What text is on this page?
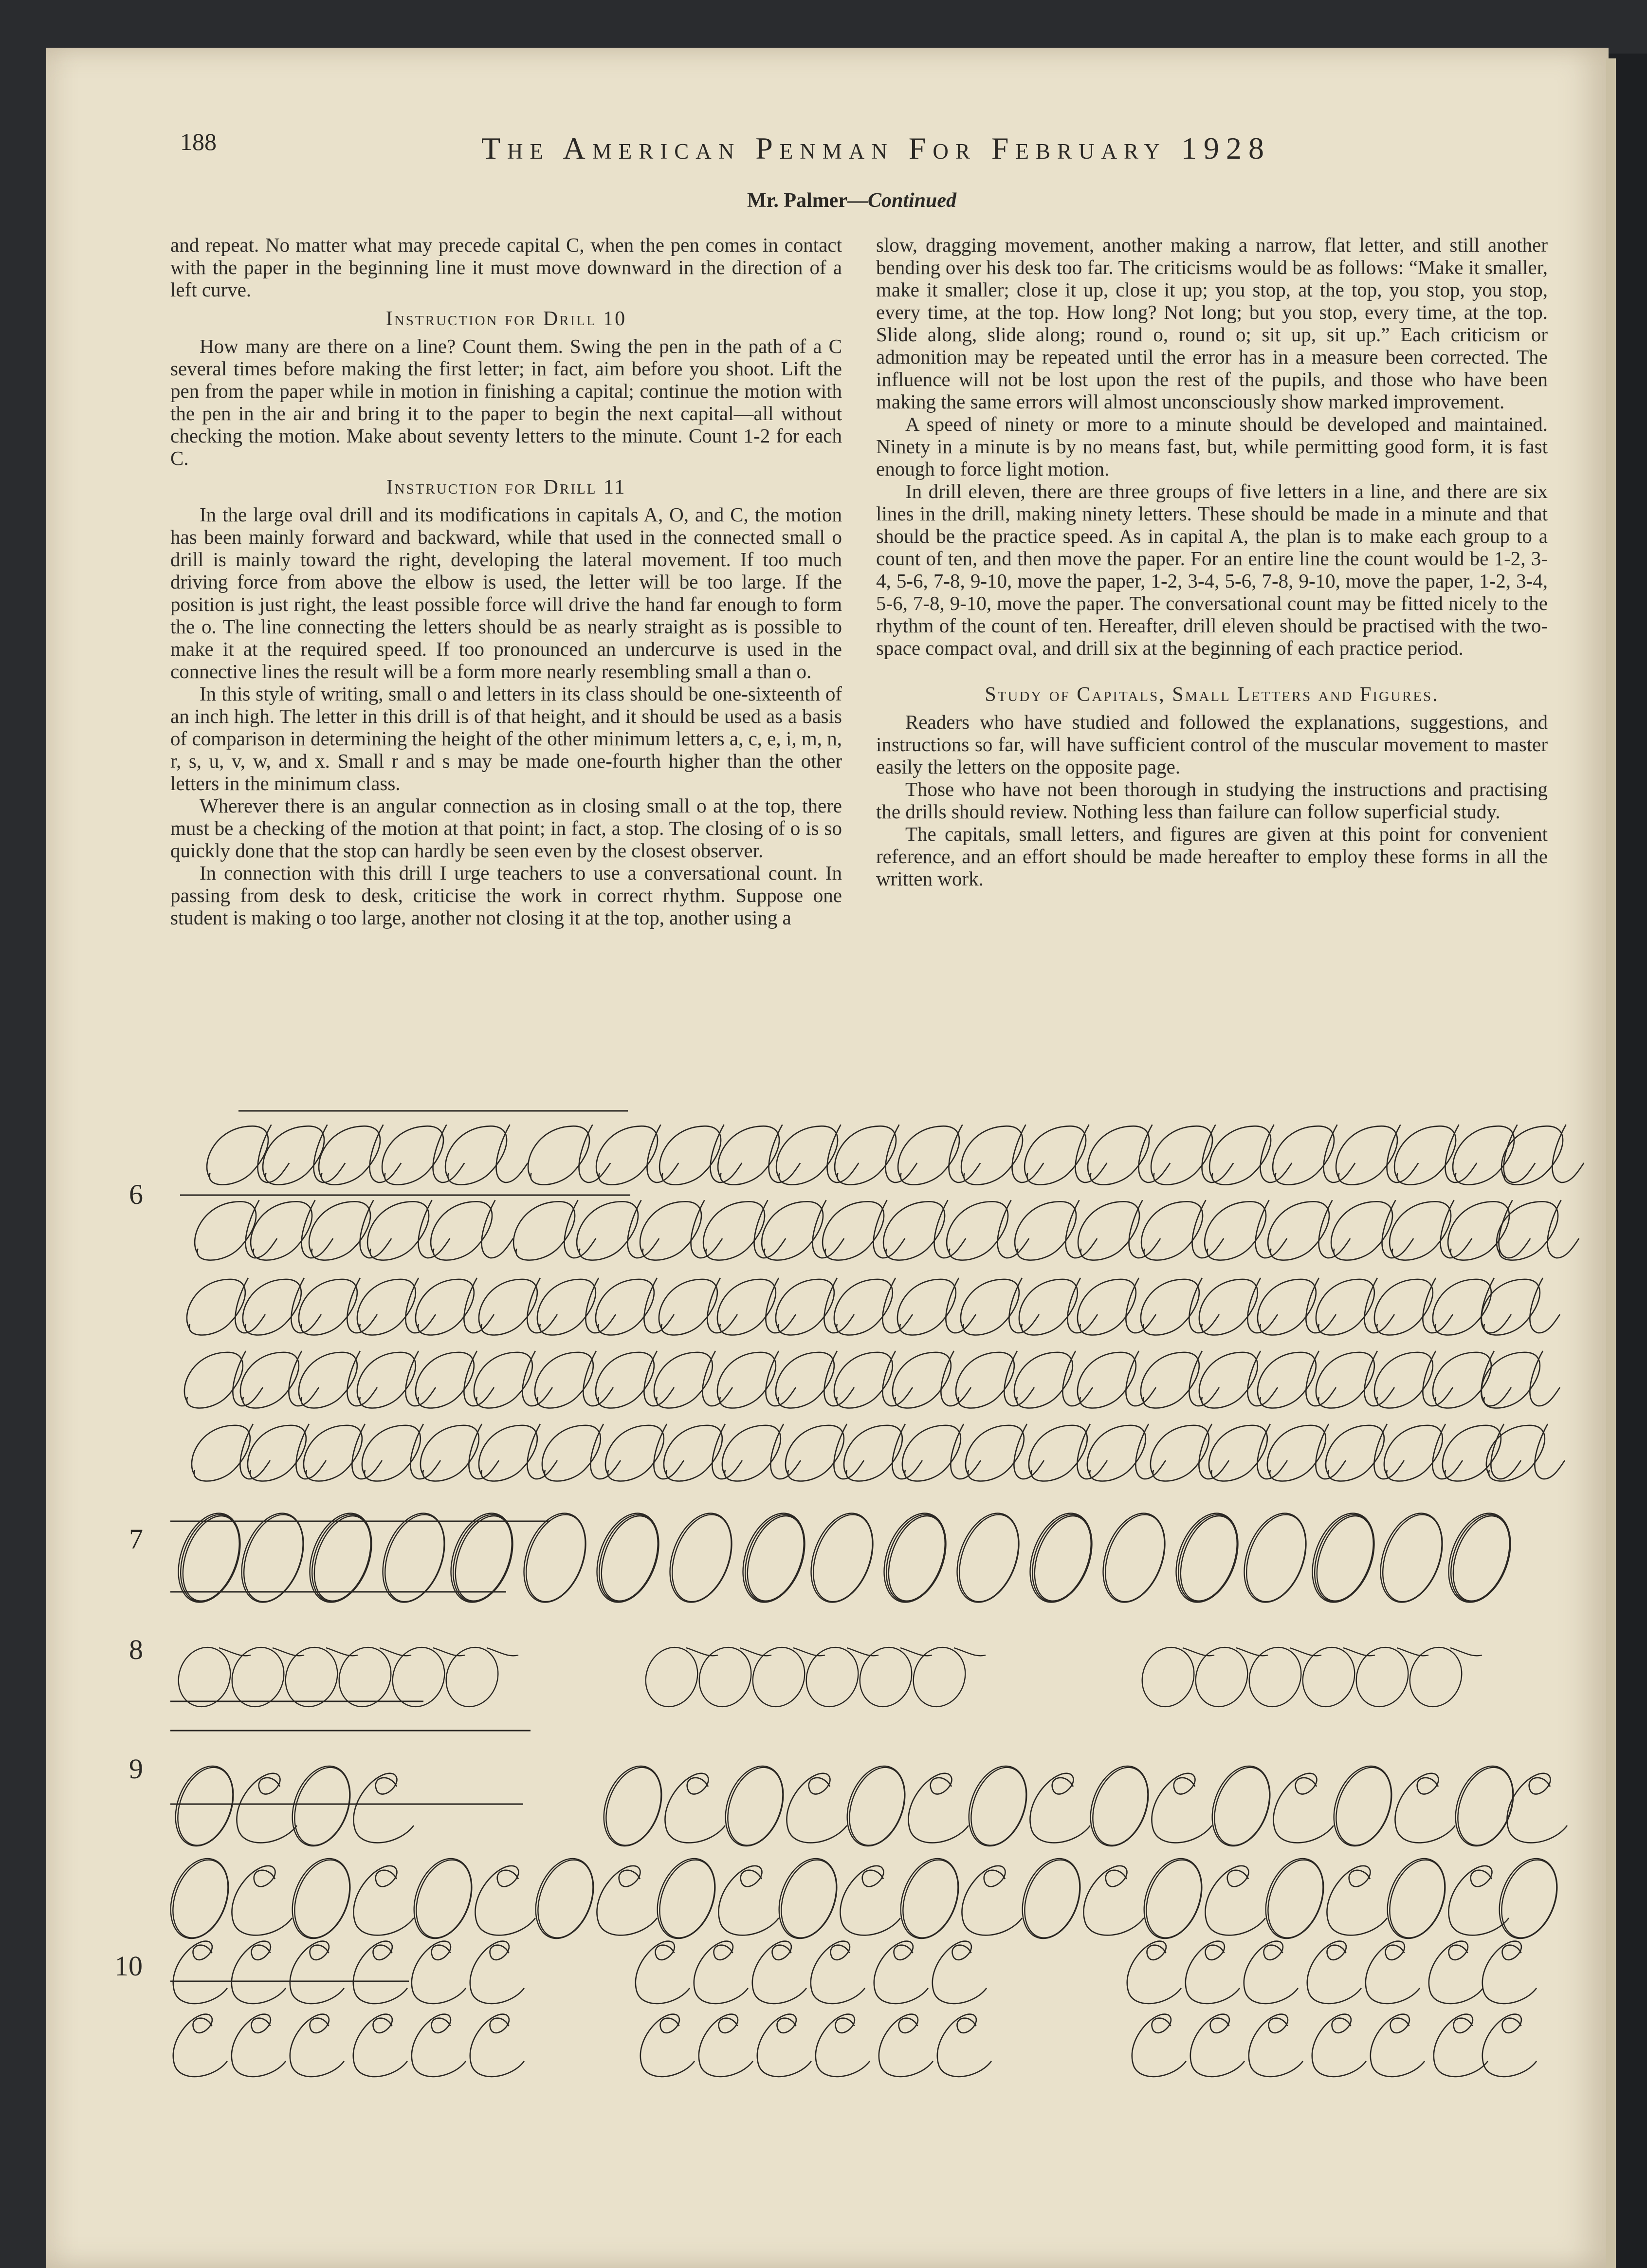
188	The American Penman For February 1928
Mr. Palmer—Continued

and repeat. No matter what may precede capital C, when the pen comes in contact with the paper in the beginning line it must move downward in the direction of a left curve.

Instruction for Drill 10

How many are there on a line? Count them. Swing the pen in the path of a C several times before making the first letter; in fact, aim before you shoot. Lift the pen from the paper while in motion in finishing a capital; continue the motion with the pen in the air and bring it to the paper to begin the next capital—all without checking the motion. Make about seventy letters to the minute. Count 1-2 for each C.

Instruction for Drill 11

In the large oval drill and its modifications in capitals A, O, and C, the motion has been mainly forward and backward, while that used in the connected small o drill is mainly toward the right, developing the lateral movement. If too much driving force from above the elbow is used, the letter will be too large. If the position is just right, the least possible force will drive the hand far enough to form the o. The line connecting the letters should be as nearly straight as is possible to make it at the required speed. If too pronounced an undercurve is used in the connective lines the result will be a form more nearly resembling small a than o.

In this style of writing, small o and letters in its class should be one-sixteenth of an inch high. The letter in this drill is of that height, and it should be used as a basis of comparison in determining the height of the other minimum letters a, c, e, i, m, n, r, s, u, v, w, and x. Small r and s may be made one-fourth higher than the other letters in the minimum class.

Wherever there is an angular connection as in closing small o at the top, there must be a checking of the motion at that point; in fact, a stop. The closing of o is so quickly done that the stop can hardly be seen even by the closest observer.

In connection with this drill I urge teachers to use a conversational count. In passing from desk to desk, criticise the work in correct rhythm. Suppose one student is making o too large, another not closing it at the top, another using a

slow, dragging movement, another making a narrow, flat letter, and still another bending over his desk too far. The criticisms would be as follows: “Make it smaller, make it smaller; close it up, close it up; you stop, at the top, you stop, you stop, every time, at the top. How long? Not long; but you stop, every time, at the top. Slide along, slide along; round o, round o; sit up, sit up.” Each criticism or admonition may be repeated until the error has in a measure been corrected. The influence will not be lost upon the rest of the pupils, and those who have been making the same errors will almost unconsciously show marked improvement.

A speed of ninety or more to a minute should be developed and maintained. Ninety in a minute is by no means fast, but, while permitting good form, it is fast enough to force light motion.

In drill eleven, there are three groups of five letters in a line, and there are six lines in the drill, making ninety letters. These should be made in a minute and that should be the practice speed. As in capital A, the plan is to make each group to a count of ten, and then move the paper. For an entire line the count would be 1-2, 3-4, 5-6, 7-8, 9-10, move the paper, 1-2, 3-4, 5-6, 7-8, 9-10, move the paper, 1-2, 3-4, 5-6, 7-8, 9-10, move the paper. The conversational count may be fitted nicely to the rhythm of the count of ten. Hereafter, drill eleven should be practised with the two-space compact oval, and drill six at the beginning of each practice period.

Study of Capitals, Small Letters and Figures.

Readers who have studied and followed the explanations, suggestions, and instructions so far, will have sufficient control of the muscular movement to master easily the letters on the opposite page.

Those who have not been thorough in studying the instructions and practising the drills should review. Nothing less than failure can follow superficial study.

The capitals, small letters, and figures are given at this point for convenient reference, and an effort should be made hereafter to employ these forms in all the written work.

6
7
8
9
10
